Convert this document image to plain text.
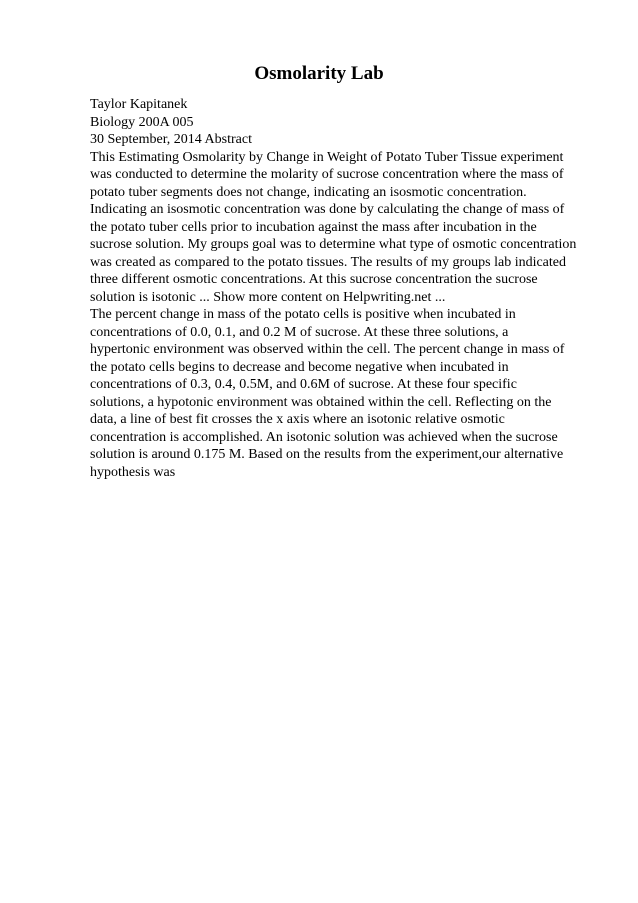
Osmolarity Lab
Taylor Kapitanek
Biology 200A 005
30 September, 2014 Abstract
This Estimating Osmolarity by Change in Weight of Potato Tuber Tissue experiment
was conducted to determine the molarity of sucrose concentration where the mass of
potato tuber segments does not change, indicating an isosmotic concentration.
Indicating an isosmotic concentration was done by calculating the change of mass of
the potato tuber cells prior to incubation against the mass after incubation in the
sucrose solution. My groups goal was to determine what type of osmotic concentration
was created as compared to the potato tissues. The results of my groups lab indicated
three different osmotic concentrations. At this sucrose concentration the sucrose
solution is isotonic ... Show more content on Helpwriting.net ...
The percent change in mass of the potato cells is positive when incubated in
concentrations of 0.0, 0.1, and 0.2 M of sucrose. At these three solutions, a
hypertonic environment was observed within the cell. The percent change in mass of
the potato cells begins to decrease and become negative when incubated in
concentrations of 0.3, 0.4, 0.5M, and 0.6M of sucrose. At these four specific
solutions, a hypotonic environment was obtained within the cell. Reflecting on the
data, a line of best fit crosses the x axis where an isotonic relative osmotic
concentration is accomplished. An isotonic solution was achieved when the sucrose
solution is around 0.175 M. Based on the results from the experiment,our alternative
hypothesis was
